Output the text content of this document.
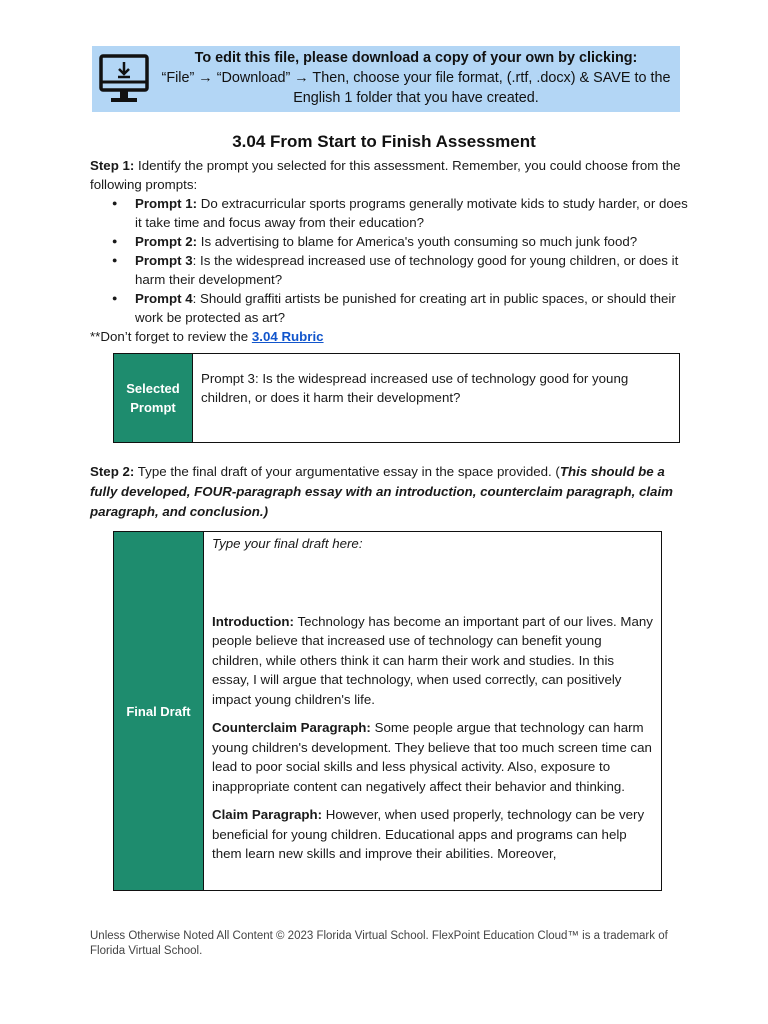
To edit this file, please download a copy of your own by clicking:
“File” → “Download” → Then, choose your file format, (.rtf, .docx) & SAVE to the English 1 folder that you have created.
3.04 From Start to Finish Assessment
Step 1: Identify the prompt you selected for this assessment. Remember, you could choose from the following prompts:
● Prompt 1: Do extracurricular sports programs generally motivate kids to study harder, or does it take time and focus away from their education?
● Prompt 2: Is advertising to blame for America's youth consuming so much junk food?
● Prompt 3: Is the widespread increased use of technology good for young children, or does it harm their development?
● Prompt 4: Should graffiti artists be punished for creating art in public spaces, or should their work be protected as art?
**Don’t forget to review the 3.04 Rubric
Selected Prompt
Prompt 3: Is the widespread increased use of technology good for young children, or does it harm their development?
Step 2: Type the final draft of your argumentative essay in the space provided. (This should be a fully developed, FOUR-paragraph essay with an introduction, counterclaim paragraph, claim paragraph, and conclusion.)
Final Draft

Type your final draft here:

Introduction: Technology has become an important part of our lives. Many people believe that increased use of technology can benefit young children, while others think it can harm their work and studies. In this essay, I will argue that technology, when used correctly, can positively impact young children's life.

Counterclaim Paragraph: Some people argue that technology can harm young children's development. They believe that too much screen time can lead to poor social skills and less physical activity. Also, exposure to inappropriate content can negatively affect their behavior and thinking.

Claim Paragraph: However, when used properly, technology can be very beneficial for young children. Educational apps and programs can help them learn new skills and improve their abilities. Moreover,

Unless Otherwise Noted All Content © 2023 Florida Virtual School. FlexPoint Education Cloud™ is a trademark of Florida Virtual School.
